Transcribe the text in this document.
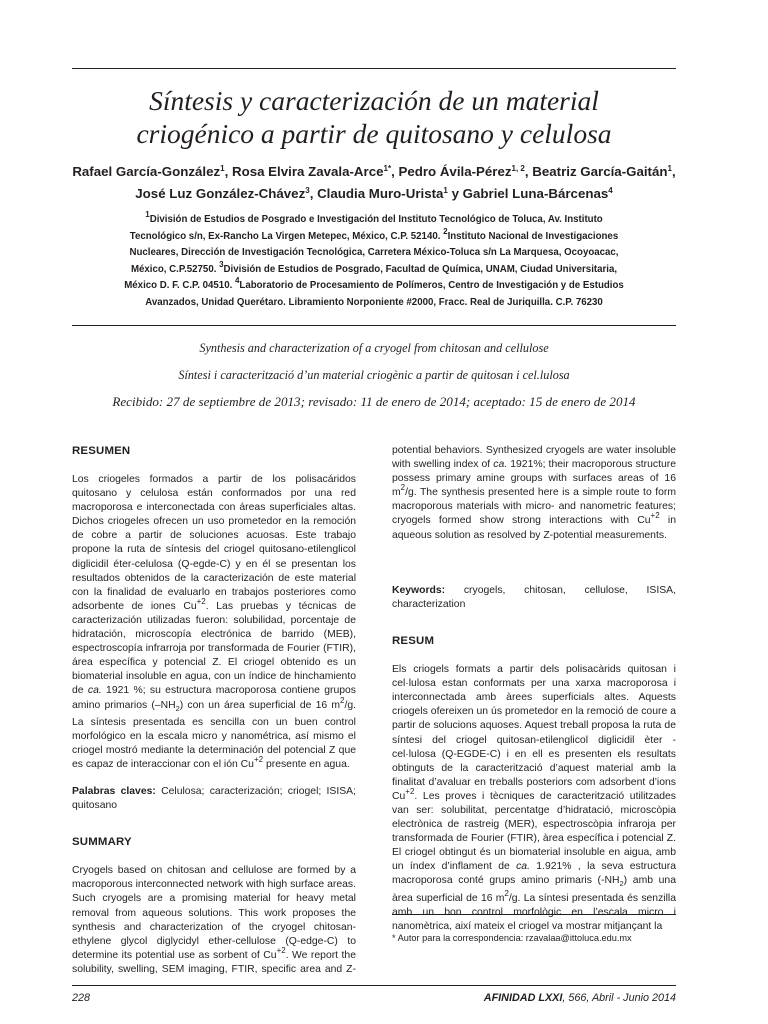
Síntesis y caracterización de un material
criogénico a partir de quitosano y celulosa
Rafael García-González$^1$, Rosa Elvira Zavala-Arce$^{1*}$, Pedro Ávila-Pérez$^{1, 2}$, Beatriz García-Gaitán$^1$, José Luz González-Chávez$^3$, Claudia Muro-Urista$^1$ y Gabriel Luna-Bárcenas$^4$
$^1$División de Estudios de Posgrado e Investigación del Instituto Tecnológico de Toluca, Av. Instituto Tecnológico s/n, Ex-Rancho La Virgen Metepec, México, C.P. 52140. $^2$Instituto Nacional de Investigaciones Nucleares, Dirección de Investigación Tecnológica, Carretera México-Toluca s/n La Marquesa, Ocoyoacac, México, C.P.52750. $^3$División de Estudios de Posgrado, Facultad de Química, UNAM, Ciudad Universitaria, México D. F. C.P. 04510. $^4$Laboratorio de Procesamiento de Polímeros, Centro de Investigación y de Estudios Avanzados, Unidad Querétaro. Libramiento Norponiente #2000, Fracc. Real de Juriquilla. C.P. 76230
Synthesis and characterization of a cryogel from chitosan and cellulose
Síntesi i caracterització d’un material criogènic a partir de quitosan i cel.lulosa
Recibido: 27 de septiembre de 2013; revisado: 11 de enero de 2014; aceptado: 15 de enero de 2014
RESUMEN

Los criogeles formados a partir de los polisacáridos quitosano y celulosa están conformados por una red macroporosa e interconectada con áreas superficiales altas. Dichos criogeles ofrecen un uso prometedor en la remoción de cobre a partir de soluciones acuosas. Este trabajo propone la ruta de síntesis del criogel quitosano-etilenglicol diglicidil éter-celulosa (Q-egde-C) y en él se presentan los resultados obtenidos de la caracterización de este material con la finalidad de evaluarlo en trabajos posteriores como adsorbente de iones $Cu^{+2}$. Las pruebas y técnicas de caracterización utilizadas fueron: solubilidad, porcentaje de hidratación, microscopía electrónica de barrido (MEB), espectroscopía infrarroja por transformada de Fourier (FTIR), área específica y potencial Z. El criogel obtenido es un biomaterial insoluble en agua, con un índice de hinchamiento de ca. 1921 %; su estructura macroporosa contiene grupos amino primarios $(-NH_2)$ con un área superficial de 16 $m^2/g$. La síntesis presentada es sencilla con un buen control morfológico en la escala micro y nanométrica, así mismo el criogel mostró mediante la determinación del potencial Z que es capaz de interaccionar con el ión $Cu^{+2}$ presente en agua.

Palabras claves: Celulosa; caracterización; criogel; ISISA; quitosano

SUMMARY

Cryogels based on chitosan and cellulose are formed by a macroporous interconnected network with high surface areas. Such cryogels are a promising material for heavy metal removal from aqueous solutions. This work proposes the synthesis and characterization of the cryogel chitosan-ethylene glycol diglycidyl ether-cellulose (Q-edge-C) to determine its potential use as sorbent of $Cu^{+2}$. We report the solubility, swelling, SEM imaging, FTIR, specific area and Z-

potential behaviors. Synthesized cryogels are water insoluble with swelling index of ca. 1921%; their macroporous structure possess primary amine groups with surfaces areas of 16 $m^2/g$. The synthesis presented here is a simple route to form macroporous materials with micro- and nanometric features; cryogels formed show strong interactions with $Cu^{+2}$ in aqueous solution as resolved by Z-potential measurements.

Keywords: cryogels, chitosan, cellulose, ISISA, characterization

RESUM

Els criogels formats a partir dels polisacàrids quitosan i cel·lulosa estan conformats per una xarxa macroporosa i interconnectada amb àrees superficials altes. Aquests criogels ofereixen un ús prometedor en la remoció de coure a partir de solucions aquoses. Aquest treball proposa la ruta de síntesi del criogel quitosan-etilenglicol diglicidil èter - cel·lulosa (Q-EGDE-C) i en ell es presenten els resultats obtinguts de la caracterització d’aquest material amb la finalitat d’avaluar en treballs posteriors com adsorbent d’ions $Cu^{+2}$. Les proves i tècniques de caracterització utilitzades van ser: solubilitat, percentatge d’hidratació, microscòpia electrònica de rastreig (MER), espectroscòpia infraroja per transformada de Fourier (FTIR), àrea específica i potencial Z. El criogel obtingut és un biomaterial insoluble en aigua, amb un índex d’inflament de ca. 1.921% , la seva estructura macroporosa conté grups amino primaris $(-NH_2)$ amb una àrea superficial de 16 $m^2/g$. La síntesi presentada és senzilla amb un bon control morfològic en l’escala micro i nanomètrica, així mateix el criogel va mostrar mitjançant la

* Autor para la correspondencia: rzavalaa@ittoluca.edu.mx
228	AFINIDAD LXXI, 566, Abril - Junio 2014
